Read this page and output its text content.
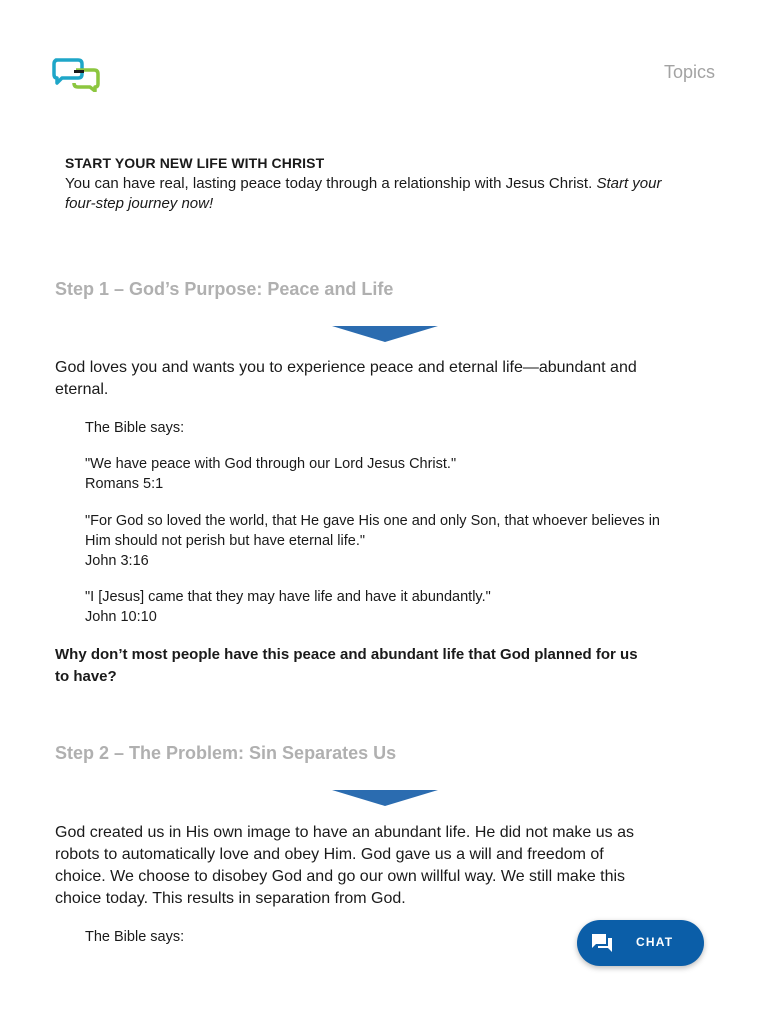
Topics

START YOUR NEW LIFE WITH CHRIST

You can have real, lasting peace today through a relationship with Jesus Christ. Start your four-step journey now!

Step 1 – God’s Purpose: Peace and Life

God loves you and wants you to experience peace and eternal life—abundant and eternal.

The Bible says:

"We have peace with God through our Lord Jesus Christ."
Romans 5:1

"For God so loved the world, that He gave His one and only Son, that whoever believes in Him should not perish but have eternal life."
John 3:16

"I [Jesus] came that they may have life and have it abundantly."
John 10:10

Why don’t most people have this peace and abundant life that God planned for us to have?

Step 2 – The Problem: Sin Separates Us

God created us in His own image to have an abundant life. He did not make us as robots to automatically love and obey Him. God gave us a will and freedom of choice. We choose to disobey God and go our own willful way. We still make this choice today. This results in separation from God.

The Bible says:	CHAT
